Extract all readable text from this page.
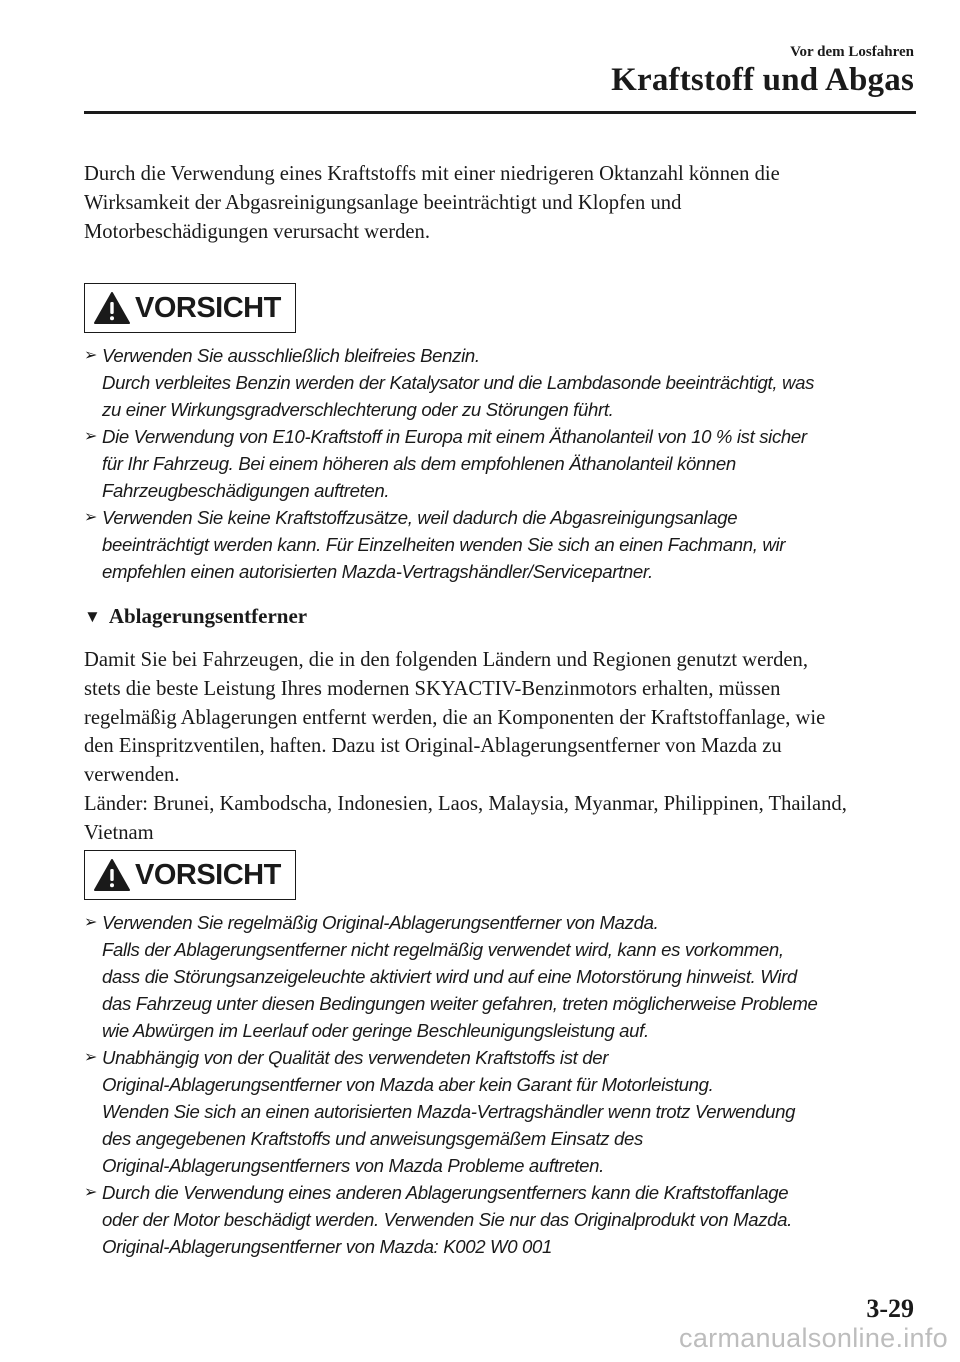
Vor dem Losfahren
Kraftstoff und Abgas

Durch die Verwendung eines Kraftstoffs mit einer niedrigeren Oktanzahl können die

Wirksamkeit der Abgasreinigungsanlage beeinträchtigt und Klopfen und

Motorbeschädigungen verursacht werden.

VORSICHT
➢ Verwenden Sie ausschließlich bleifreies Benzin.
Durch verbleites Benzin werden der Katalysator und die Lambdasonde beeinträchtigt, was
zu einer Wirkungsgradverschlechterung oder zu Störungen führt.
➢ Die Verwendung von E10-Kraftstoff in Europa mit einem Äthanolanteil von 10 % ist sicher
für Ihr Fahrzeug. Bei einem höheren als dem empfohlenen Äthanolanteil können
Fahrzeugbeschädigungen auftreten.
➢ Verwenden Sie keine Kraftstoffzusätze, weil dadurch die Abgasreinigungsanlage
beeinträchtigt werden kann. Für Einzelheiten wenden Sie sich an einen Fachmann, wir
empfehlen einen autorisierten Mazda-Vertragshändler/Servicepartner.
▼ Ablagerungsentferner

Damit Sie bei Fahrzeugen, die in den folgenden Ländern und Regionen genutzt werden,

stets die beste Leistung Ihres modernen SKYACTIV-Benzinmotors erhalten, müssen

regelmäßig Ablagerungen entfernt werden, die an Komponenten der Kraftstoffanlage, wie

den Einspritzventilen, haften. Dazu ist Original-Ablagerungsentferner von Mazda zu

verwenden.

Länder: Brunei, Kambodscha, Indonesien, Laos, Malaysia, Myanmar, Philippinen, Thailand,

Vietnam

VORSICHT
➢ Verwenden Sie regelmäßig Original-Ablagerungsentferner von Mazda.
Falls der Ablagerungsentferner nicht regelmäßig verwendet wird, kann es vorkommen,
dass die Störungsanzeigeleuchte aktiviert wird und auf eine Motorstörung hinweist. Wird
das Fahrzeug unter diesen Bedingungen weiter gefahren, treten möglicherweise Probleme
wie Abwürgen im Leerlauf oder geringe Beschleunigungsleistung auf.
➢ Unabhängig von der Qualität des verwendeten Kraftstoffs ist der
Original-Ablagerungsentferner von Mazda aber kein Garant für Motorleistung.
Wenden Sie sich an einen autorisierten Mazda-Vertragshändler wenn trotz Verwendung
des angegebenen Kraftstoffs und anweisungsgemäßem Einsatz des
Original-Ablagerungsentferners von Mazda Probleme auftreten.
➢ Durch die Verwendung eines anderen Ablagerungsentferners kann die Kraftstoffanlage
oder der Motor beschädigt werden. Verwenden Sie nur das Originalprodukt von Mazda.
Original-Ablagerungsentferner von Mazda: K002 W0 001
3-29
carmanualsonline.info
